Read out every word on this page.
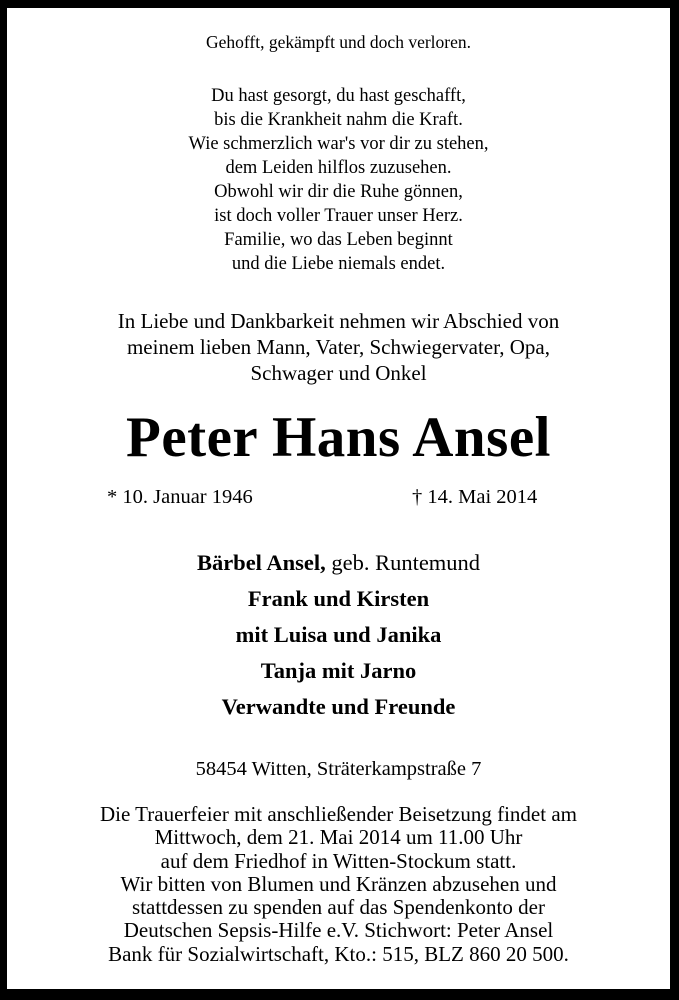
Gehofft, gekämpft und doch verloren.
Du hast gesorgt, du hast geschafft,
bis die Krankheit nahm die Kraft.
Wie schmerzlich war's vor dir zu stehen,
dem Leiden hilflos zuzusehen.
Obwohl wir dir die Ruhe gönnen,
ist doch voller Trauer unser Herz.
Familie, wo das Leben beginnt
und die Liebe niemals endet.
In Liebe und Dankbarkeit nehmen wir Abschied von
meinem lieben Mann, Vater, Schwiegervater, Opa,
Schwager und Onkel
Peter Hans Ansel
* 10. Januar 1946	† 14. Mai 2014
Bärbel Ansel, geb. Runtemund
Frank und Kirsten
mit Luisa und Janika
Tanja mit Jarno
Verwandte und Freunde
58454 Witten, Sträterkampstraße 7
Die Trauerfeier mit anschließender Beisetzung findet am
Mittwoch, dem 21. Mai 2014 um 11.00 Uhr
auf dem Friedhof in Witten-Stockum statt.
Wir bitten von Blumen und Kränzen abzusehen und
stattdessen zu spenden auf das Spendenkonto der
Deutschen Sepsis-Hilfe e.V. Stichwort: Peter Ansel
Bank für Sozialwirtschaft, Kto.: 515, BLZ 860 20 500.
